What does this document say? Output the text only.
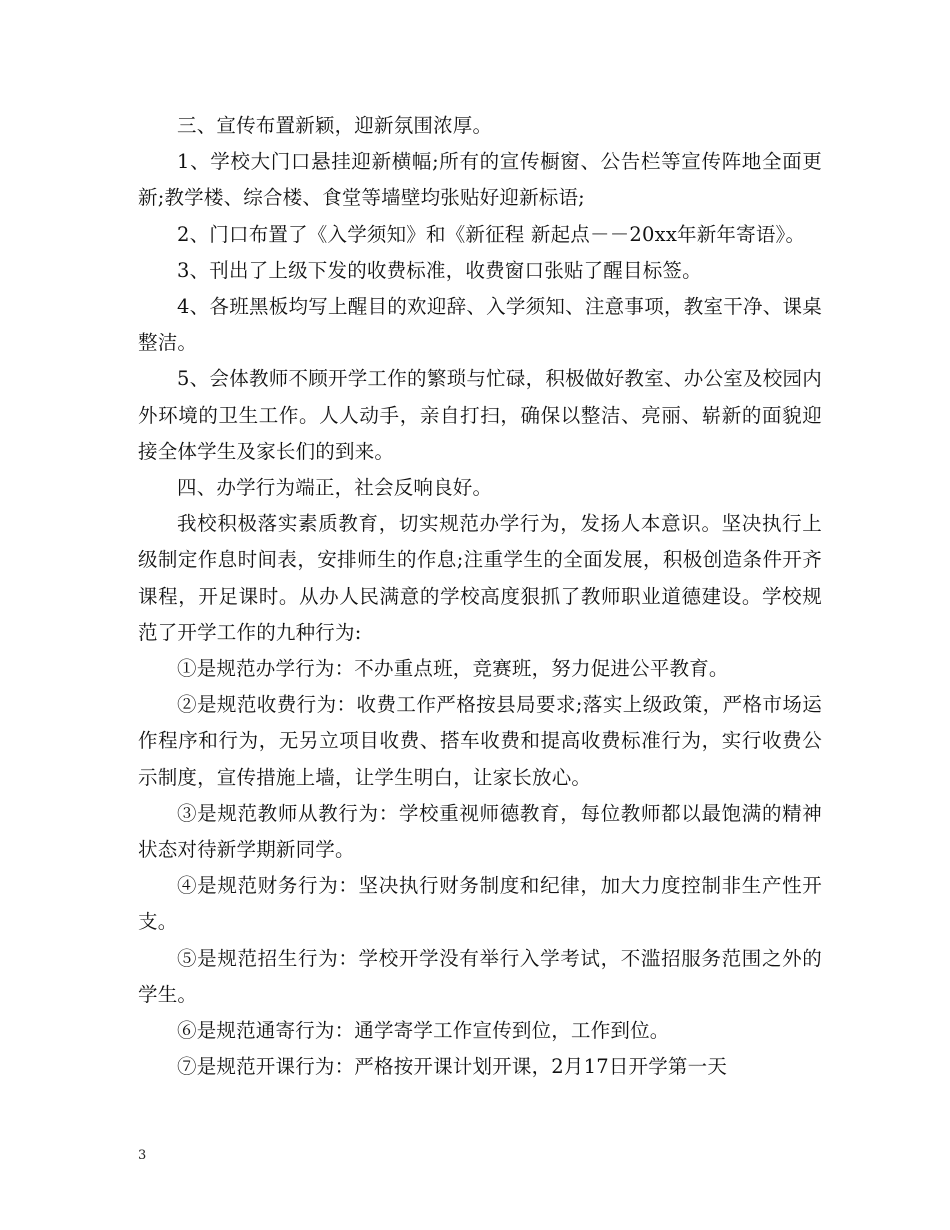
三、宣传布置新颖，迎新氛围浓厚。

1、学校大门口悬挂迎新横幅;所有的宣传橱窗、公告栏等宣传阵地全面更新;教学楼、综合楼、食堂等墙壁均张贴好迎新标语;

2、门口布置了《入学须知》和《新征程 新起点－－20xx年新年寄语》。

3、刊出了上级下发的收费标准，收费窗口张贴了醒目标签。

4、各班黑板均写上醒目的欢迎辞、入学须知、注意事项，教室干净、课桌整洁。

5、会体教师不顾开学工作的繁琐与忙碌，积极做好教室、办公室及校园内外环境的卫生工作。人人动手，亲自打扫，确保以整洁、亮丽、崭新的面貌迎接全体学生及家长们的到来。

四、办学行为端正，社会反响良好。

我校积极落实素质教育，切实规范办学行为，发扬人本意识。坚决执行上级制定作息时间表，安排师生的作息;注重学生的全面发展，积极创造条件开齐课程，开足课时。从办人民满意的学校高度狠抓了教师职业道德建设。学校规范了开学工作的九种行为:

①是规范办学行为：不办重点班，竞赛班，努力促进公平教育。

②是规范收费行为：收费工作严格按县局要求;落实上级政策，严格市场运作程序和行为，无另立项目收费、搭车收费和提高收费标准行为，实行收费公示制度，宣传措施上墙，让学生明白，让家长放心。

③是规范教师从教行为：学校重视师德教育，每位教师都以最饱满的精神状态对待新学期新同学。

④是规范财务行为：坚决执行财务制度和纪律，加大力度控制非生产性开支。

⑤是规范招生行为：学校开学没有举行入学考试，不滥招服务范围之外的学生。

⑥是规范通寄行为：通学寄学工作宣传到位，工作到位。

⑦是规范开课行为：严格按开课计划开课，2月17日开学第一天

3
